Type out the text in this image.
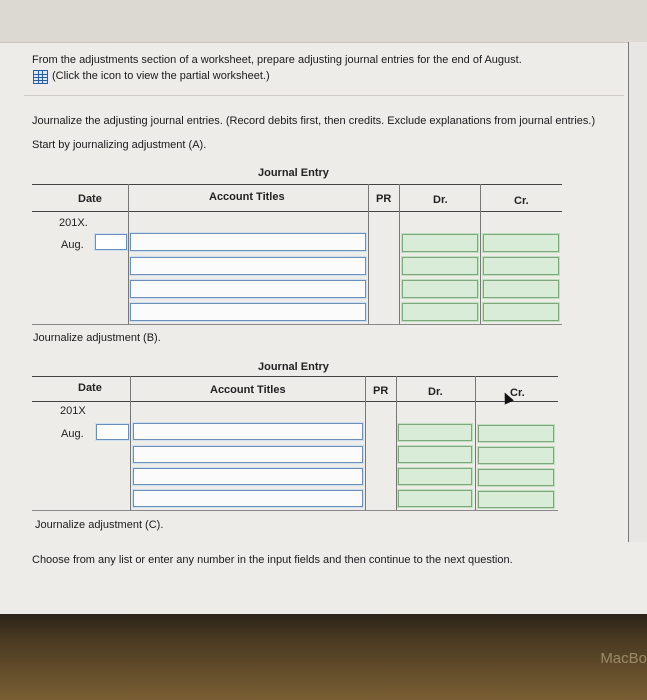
From the adjustments section of a worksheet, prepare adjusting journal entries for the end of August.
(Click the icon to view the partial worksheet.)
Journalize the adjusting journal entries. (Record debits first, then credits. Exclude explanations from journal entries.)
Start by journalizing adjustment (A).
Journal Entry
Date	Account Titles	PR	Dr.	Cr.
201X.
Aug.
Journalize adjustment (B).
Journal Entry
Date	Account Titles	PR	Dr.	Cr.
201X
Aug.
Journalize adjustment (C).
Choose from any list or enter any number in the input fields and then continue to the next question.
MacBo
